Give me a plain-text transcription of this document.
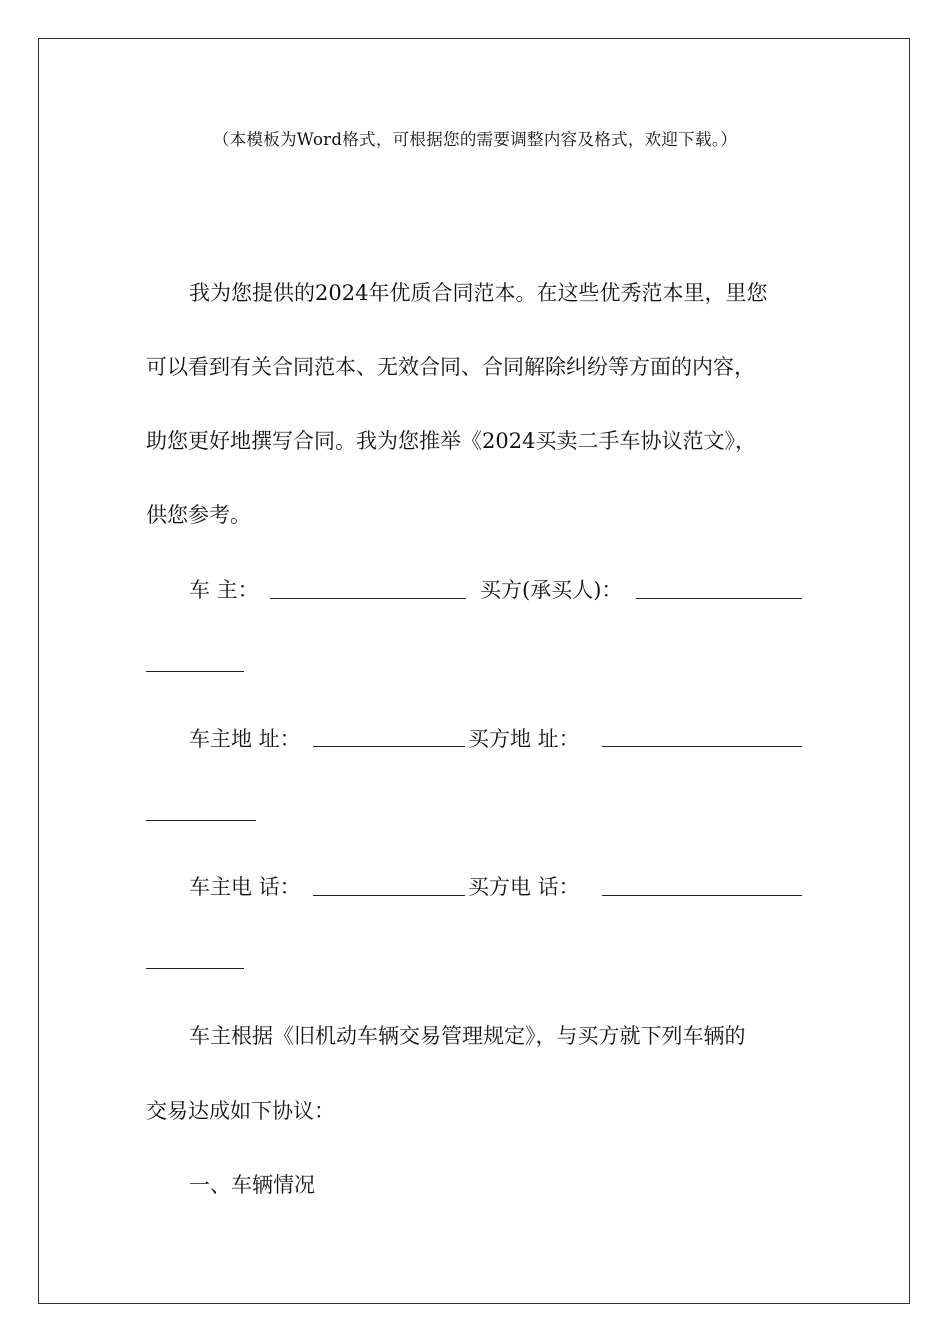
（本模板为Word格式，可根据您的需要调整内容及格式，欢迎下载。）
我为您提供的2024年优质合同范本。在这些优秀范本里，里您
可以看到有关合同范本、无效合同、合同解除纠纷等方面的内容，
助您更好地撰写合同。我为您推举《2024买卖二手车协议范文》，
供您参考。
车 主：	买方(承买人)：
车主地 址：	买方地 址：
车主电 话：	买方电 话：
车主根据《旧机动车辆交易管理规定》，与买方就下列车辆的
交易达成如下协议：
一、车辆情况
